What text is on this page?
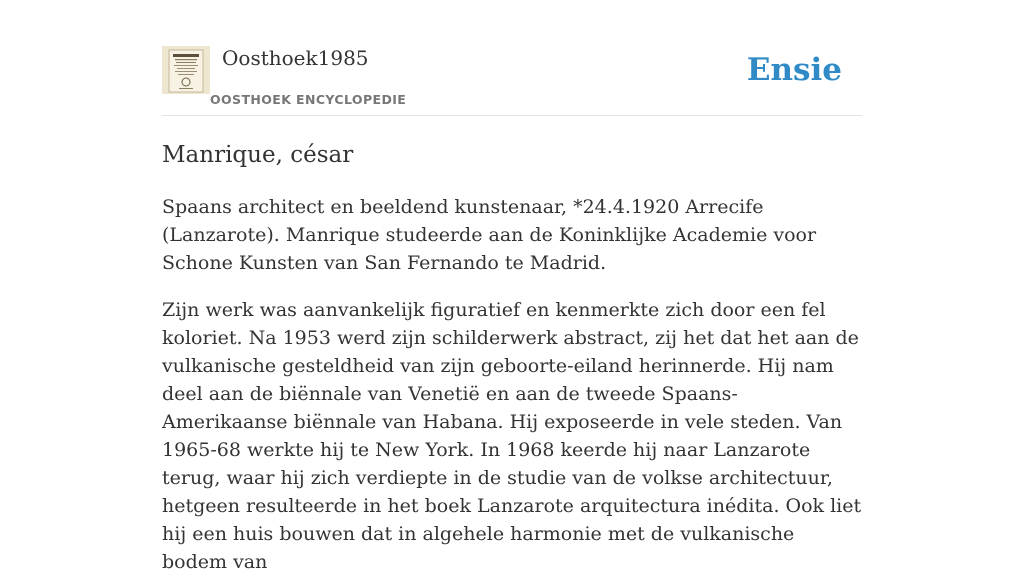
Oosthoek1985
OOSTHOEK ENCYCLOPEDIE
Ensie
Manrique, césar

Spaans architect en beeldend kunstenaar, *24.4.1920 Arrecife (Lanzarote). Manrique studeerde aan de Koninklijke Academie voor Schone Kunsten van San Fernando te Madrid.

Zijn werk was aanvankelijk figuratief en kenmerkte zich door een fel koloriet. Na 1953 werd zijn schilderwerk abstract, zij het dat het aan de vulkanische gesteldheid van zijn geboorte-eiland herinnerde. Hij nam deel aan de biënnale van Venetië en aan de tweede Spaans-Amerikaanse biënnale van Habana. Hij exposeerde in vele steden. Van 1965-68 werkte hij te New York. In 1968 keerde hij naar Lanzarote terug, waar hij zich verdiepte in de studie van de volkse architectuur, hetgeen resulteerde in het boek Lanzarote arquitectura inédita. Ook liet hij een huis bouwen dat in algehele harmonie met de vulkanische bodem van
